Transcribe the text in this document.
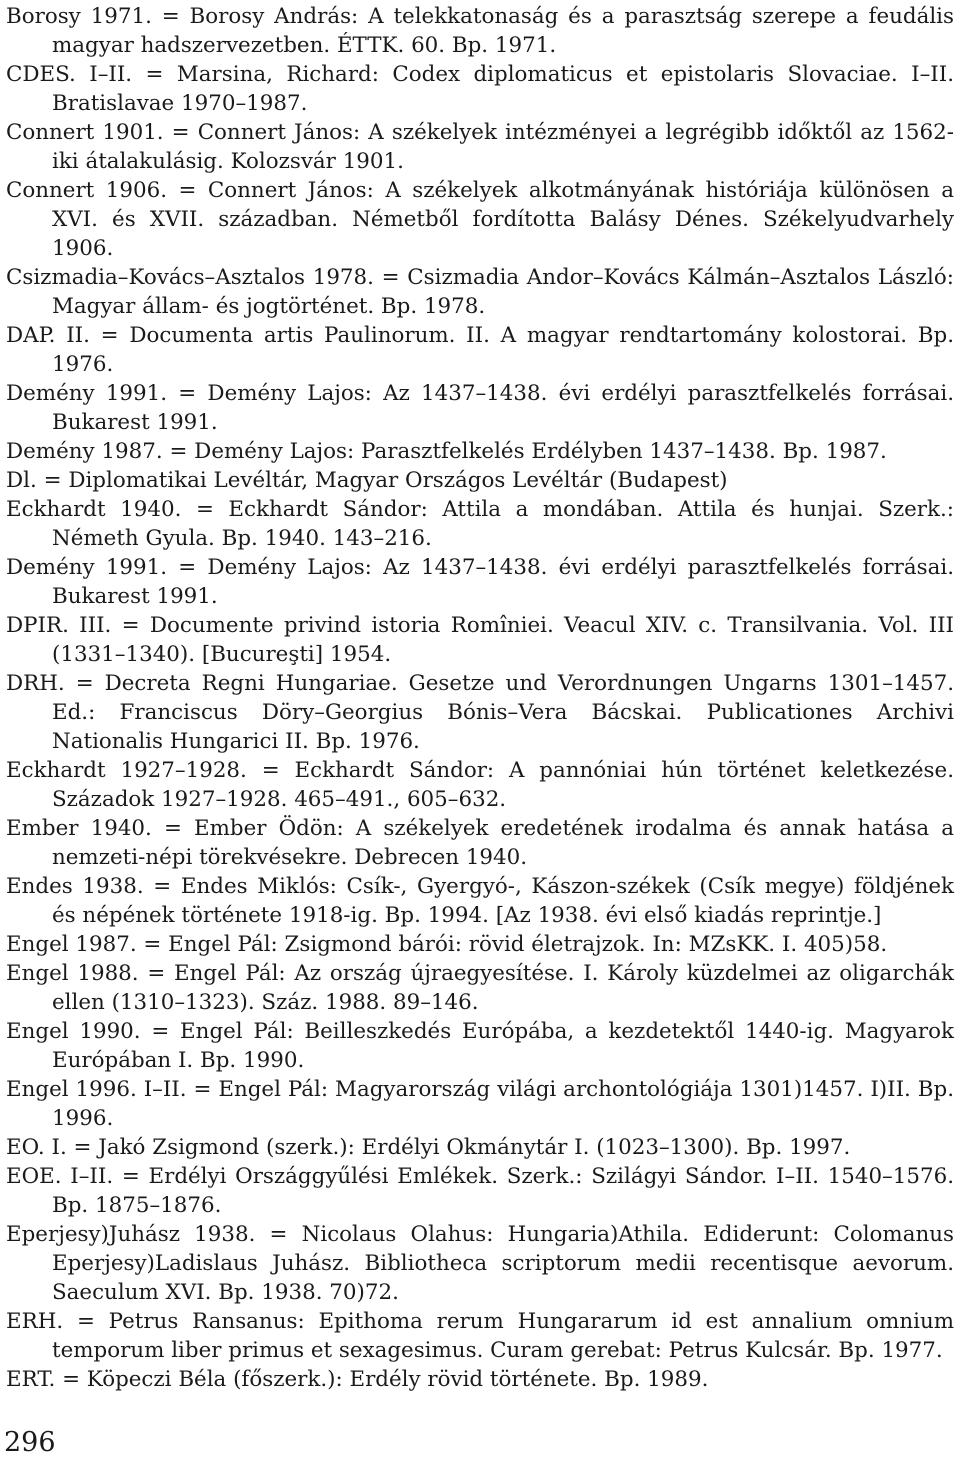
Borosy 1971. = Borosy András: A telekkatonaság és a parasztság szerepe a feudális magyar hadszervezetben. ÉTTK. 60. Bp. 1971.

CDES. I–II. = Marsina, Richard: Codex diplomaticus et epistolaris Slovaciae. I–II. Bratislavae 1970–1987.

Connert 1901. = Connert János: A székelyek intézményei a legrégibb időktől az 1562-iki átalakulásig. Kolozsvár 1901.

Connert 1906. = Connert János: A székelyek alkotmányának históriája különösen a XVI. és XVII. században. Németből fordította Balásy Dénes. Székelyudvarhely 1906.

Csizmadia–Kovács–Asztalos 1978. = Csizmadia Andor–Kovács Kálmán–Asztalos László: Magyar állam- és jogtörténet. Bp. 1978.

DAP. II. = Documenta artis Paulinorum. II. A magyar rendtartomány kolostorai. Bp. 1976.

Demény 1991. = Demény Lajos: Az 1437–1438. évi erdélyi parasztfelkelés forrásai. Bukarest 1991.

Demény 1987. = Demény Lajos: Parasztfelkelés Erdélyben 1437–1438. Bp. 1987.

Dl. = Diplomatikai Levéltár, Magyar Országos Levéltár (Budapest)

Eckhardt 1940. = Eckhardt Sándor: Attila a mondában. Attila és hunjai. Szerk.: Németh Gyula. Bp. 1940. 143–216.

Demény 1991. = Demény Lajos: Az 1437–1438. évi erdélyi parasztfelkelés forrásai. Bukarest 1991.

DPIR. III. = Documente privind istoria Romîniei. Veacul XIV. c. Transilvania. Vol. III (1331–1340). [Bucureşti] 1954.

DRH. = Decreta Regni Hungariae. Gesetze und Verordnungen Ungarns 1301–1457. Ed.: Franciscus Döry–Georgius Bónis–Vera Bácskai. Publicationes Archivi Nationalis Hungarici II. Bp. 1976.

Eckhardt 1927–1928. = Eckhardt Sándor: A pannóniai hún történet keletkezése. Századok 1927–1928. 465–491., 605–632.

Ember 1940. = Ember Ödön: A székelyek eredetének irodalma és annak hatása a nemzeti-népi törekvésekre. Debrecen 1940.

Endes 1938. = Endes Miklós: Csík-, Gyergyó-, Kászon-székek (Csík megye) földjének és népének története 1918-ig. Bp. 1994. [Az 1938. évi első kiadás reprintje.]

Engel 1987. = Engel Pál: Zsigmond bárói: rövid életrajzok. In: MZsKK. I. 405)58.

Engel 1988. = Engel Pál: Az ország újraegyesítése. I. Károly küzdelmei az oligarchák ellen (1310–1323). Száz. 1988. 89–146.

Engel 1990. = Engel Pál: Beilleszkedés Európába, a kezdetektől 1440-ig. Magyarok Európában I. Bp. 1990.

Engel 1996. I–II. = Engel Pál: Magyarország világi archontológiája 1301)1457. I)II. Bp. 1996.

EO. I. = Jakó Zsigmond (szerk.): Erdélyi Okmánytár I. (1023–1300). Bp. 1997.

EOE. I–II. = Erdélyi Országgyűlési Emlékek. Szerk.: Szilágyi Sándor. I–II. 1540–1576. Bp. 1875–1876.

Eperjesy)Juhász 1938. = Nicolaus Olahus: Hungaria)Athila. Ediderunt: Colomanus Eperjesy)Ladislaus Juhász. Bibliotheca scriptorum medii recentisque aevorum. Saeculum XVI. Bp. 1938. 70)72.

ERH. = Petrus Ransanus: Epithoma rerum Hungararum id est annalium omnium temporum liber primus et sexagesimus. Curam gerebat: Petrus Kulcsár. Bp. 1977.

ERT. = Köpeczi Béla (főszerk.): Erdély rövid története. Bp. 1989.

296
